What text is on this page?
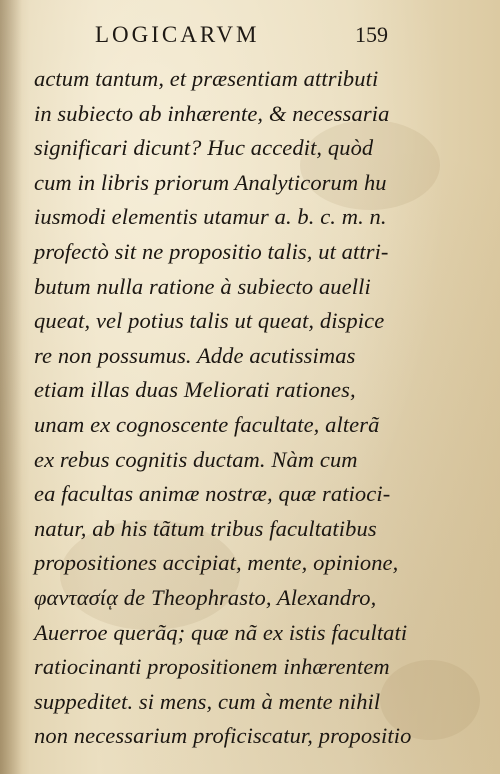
LOGICARVM	159
actum tantum, et præsentiam attributi
in subiecto ab inhærente, & necessaria
significari dicunt? Huc accedit, quòd
cum in libris priorum Analyticorum hu
iusmodi elementis utamur a. b. c. m. n.
profectò sit ne propositio talis, ut attri-
butum nulla ratione à subiecto auelli
queat, vel potius talis ut queat, dispice
re non possumus. Adde acutissimas
etiam illas duas Meliorati rationes,
unam ex cognoscente facultate, alterã
ex rebus cognitis ductam. Nàm cum
ea facultas animæ nostræ, quæ ratioci-
natur, ab his tãtum tribus facultatibus
propositiones accipiat, mente, opinione,
φαντασίᾳ de Theophrasto, Alexandro,
Auerroe querãq; quæ nã ex istis facultati
ratiocinanti propositionem inhærentem
suppeditet. si mens, cum à mente nihil
non necessarium proficiscatur, propositio
